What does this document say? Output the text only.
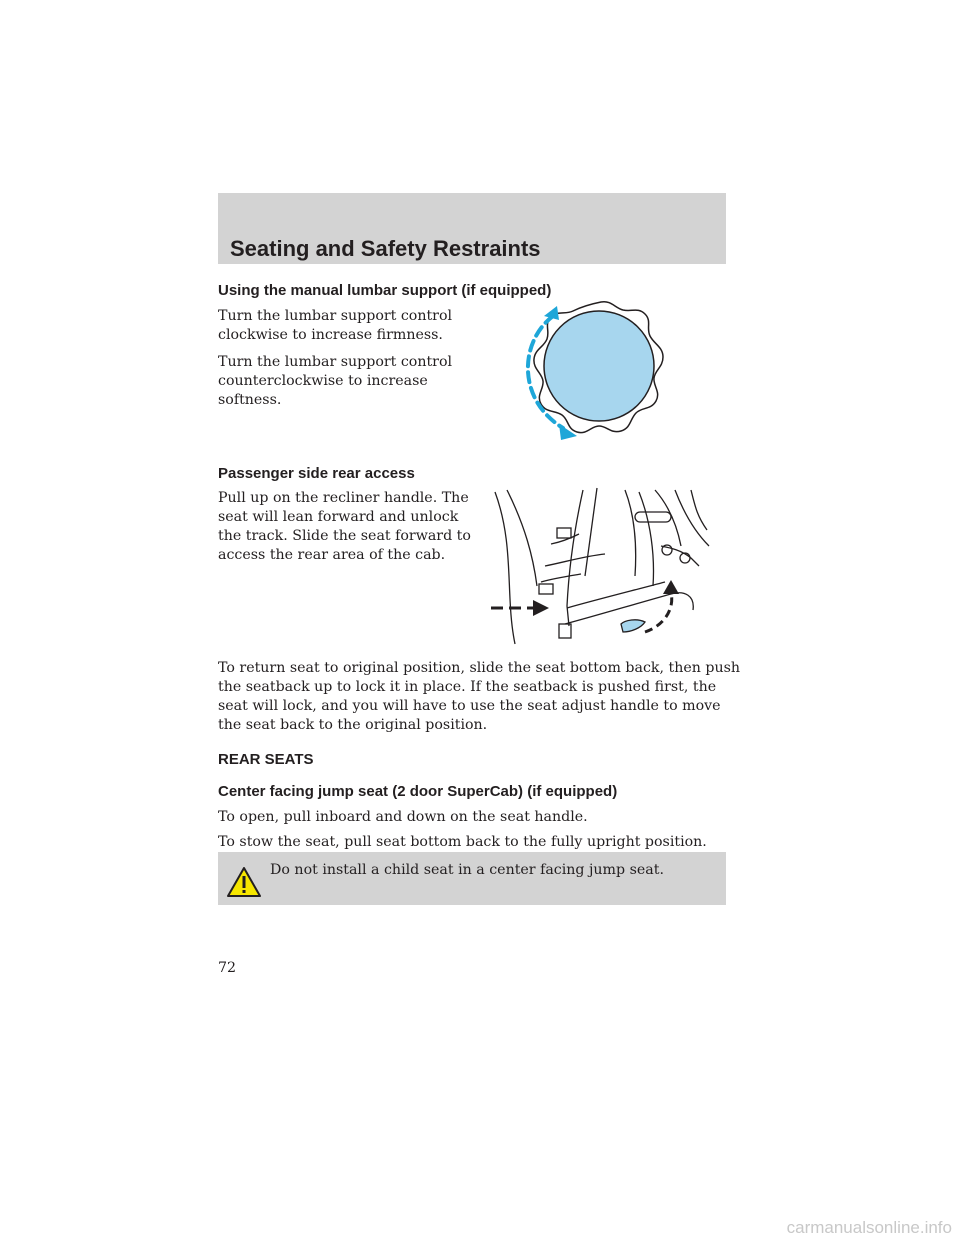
Seating and Safety Restraints
Using the manual lumbar support (if equipped)
Turn the lumbar support control
clockwise to increase firmness.
Turn the lumbar support control
counterclockwise to increase
softness.
Passenger side rear access
Pull up on the recliner handle. The
seat will lean forward and unlock
the track. Slide the seat forward to
access the rear area of the cab.
To return seat to original position, slide the seat bottom back, then push
the seatback up to lock it in place. If the seatback is pushed first, the
seat will lock, and you will have to use the seat adjust handle to move
the seat back to the original position.
REAR SEATS
Center facing jump seat (2 door SuperCab) (if equipped)
To open, pull inboard and down on the seat handle.
To stow the seat, pull seat bottom back to the fully upright position.
Do not install a child seat in a center facing jump seat.
72
carmanualsonline.info
